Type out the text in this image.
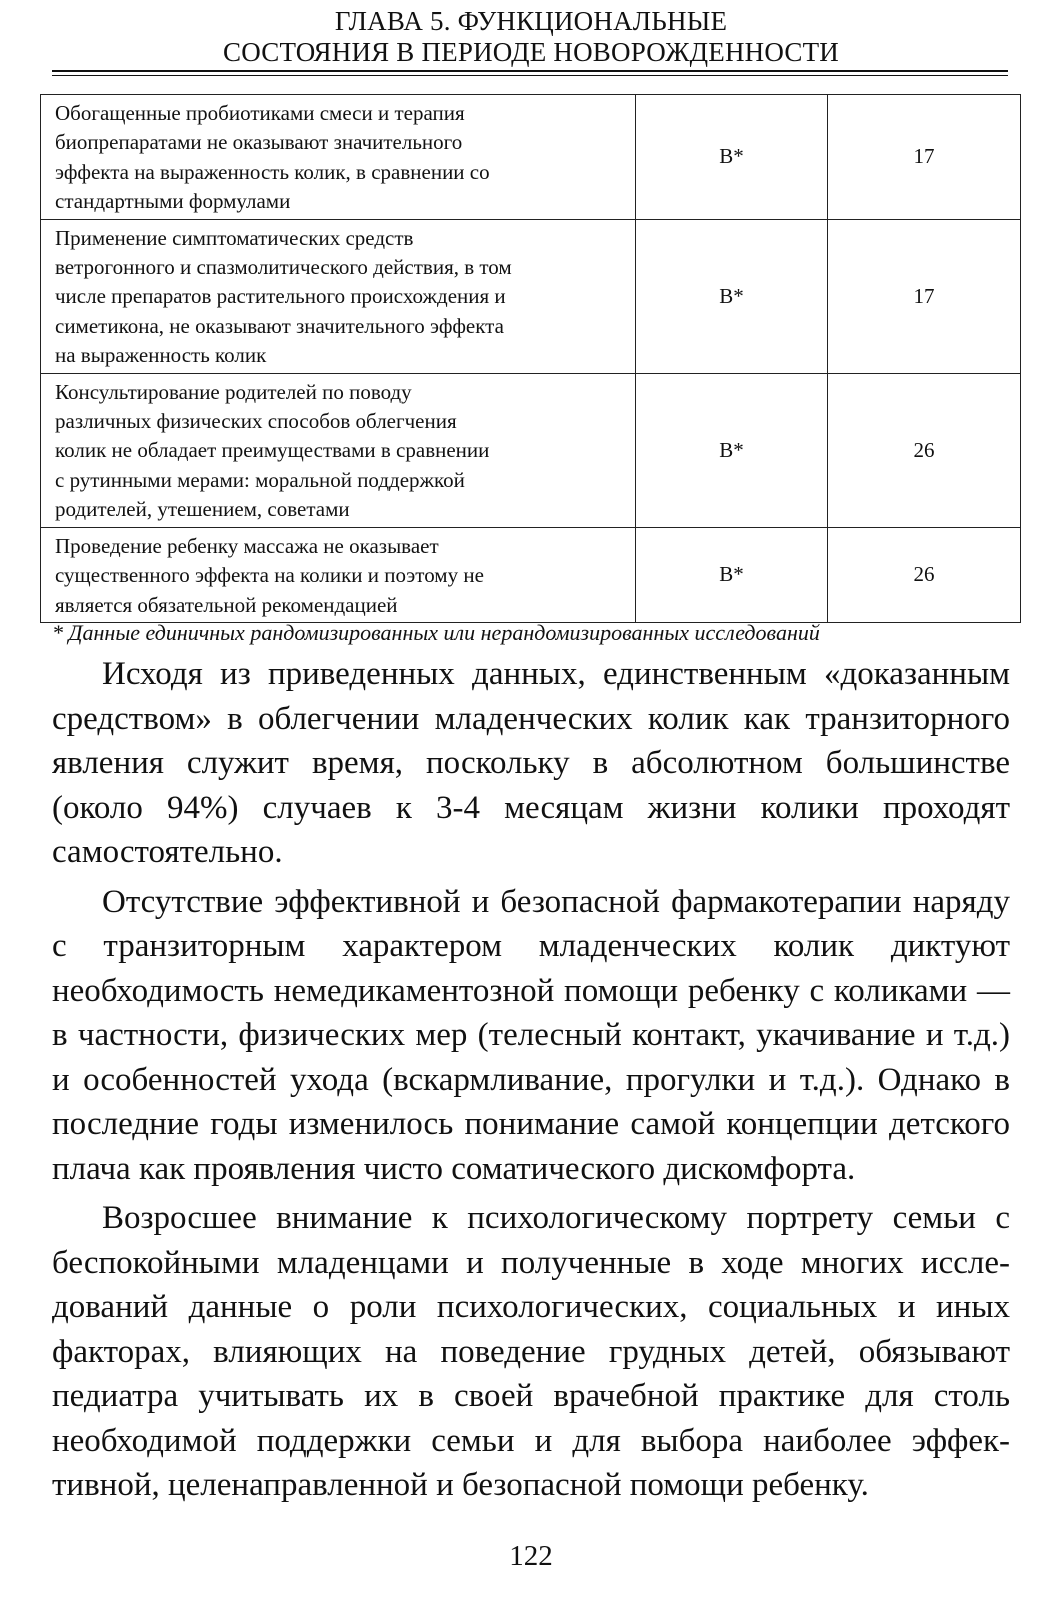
ГЛАВА 5. ФУНКЦИОНАЛЬНЫЕ
СОСТОЯНИЯ В ПЕРИОДЕ НОВОРОЖДЕННОСТИ
Обогащенные пробиотиками смеси и терапия
биопрепаратами не оказывают значительного
эффекта на выраженность колик, в сравнении со
стандартными формулами	B*	17

Применение симптоматических средств
ветрогонного и спазмолитического действия, в том
числе препаратов растительного происхождения и
симетикона, не оказывают значительного эффекта
на выраженность колик	B*	17

Консультирование родителей по поводу
различных физических способов облегчения
колик не обладает преимуществами в сравнении
с рутинными мерами: моральной поддержкой
родителей, утешением, советами	B*	26

Проведение ребенку массажа не оказывает
существенного эффекта на колики и поэтому не
является обязательной рекомендацией	B*	26
* Данные единичных рандомизированных или нерандомизированных исследований

Исходя из приведенных данных, единственным «доказанным средством» в облегчении младенческих колик как транзиторного явления служит время, поскольку в абсолютном большинстве (около 94%) случаев к 3-4 месяцам жизни колики проходят самостоятельно.

Отсутствие эффективной и безопасной фармакотерапии наряду с транзиторным характером младенческих колик диктуют необходимость немедикаментозной помощи ребенку с коликами — в частности, физических мер (телесный контакт, укачивание и т.д.) и особенностей ухода (вскармливание, прогулки и т.д.). Однако в последние годы изменилось понимание самой концепции детского плача как проявления чисто соматического дискомфорта.

Возросшее внимание к психологическому портрету семьи с беспокойными младенцами и полученные в ходе многих исследований данные о роли психологических, социальных и иных факторах, влияющих на поведение грудных детей, обязывают педиатра учитывать их в своей врачебной практике для столь необходимой поддержки семьи и для выбора наиболее эффективной, целенаправленной и безопасной помощи ребенку.

122
